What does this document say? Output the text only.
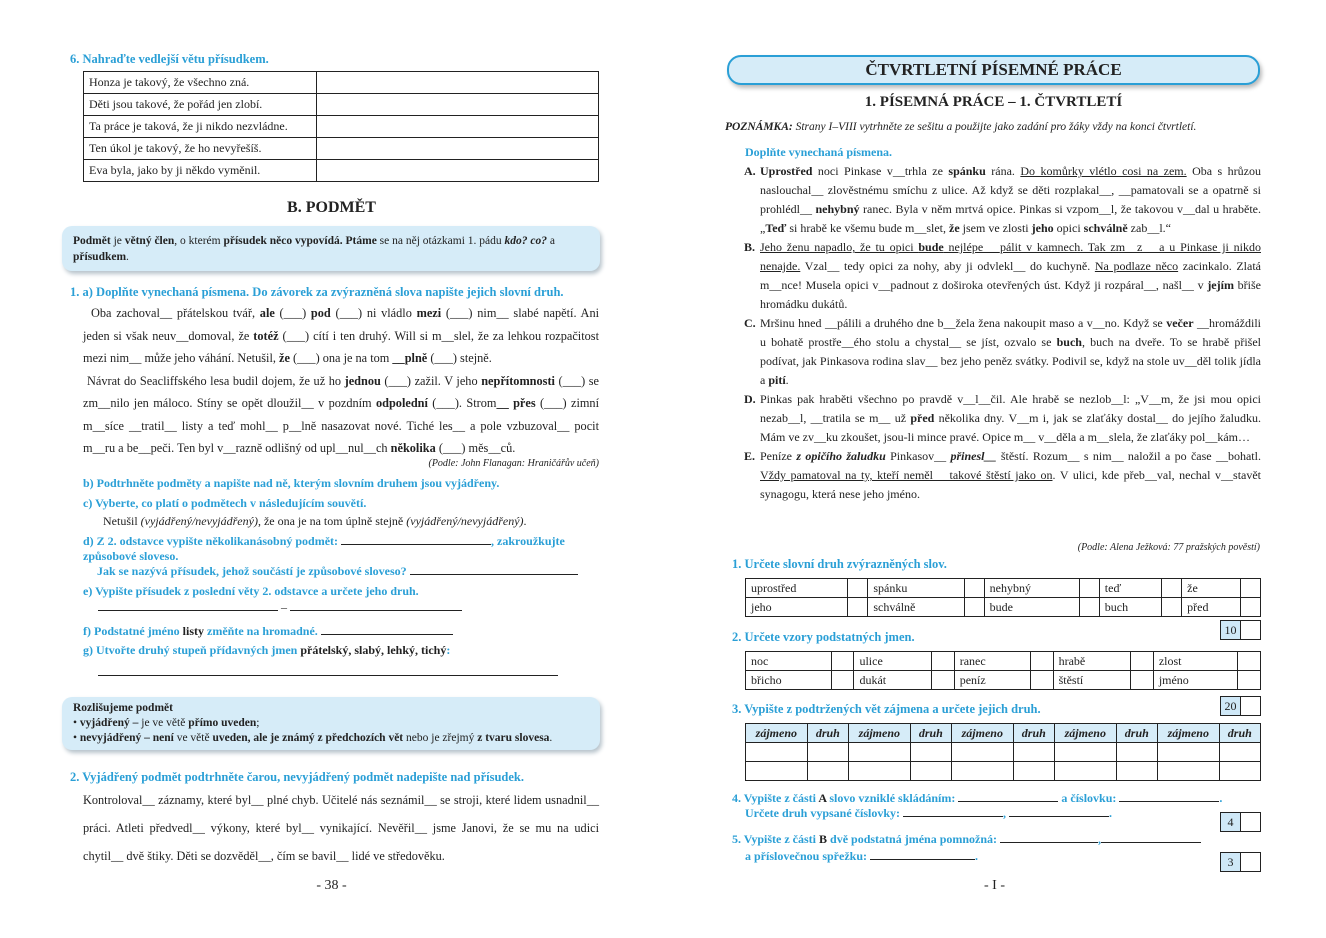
6. Nahraďte vedlejší větu přísudkem.
Honza je takový, že všechno zná.	
Děti jsou takové, že pořád jen zlobí.	
Ta práce je taková, že ji nikdo nezvládne.	
Ten úkol je takový, že ho nevyřešíš.	
Eva byla, jako by ji někdo vyměnil.	
B. PODMĚT
Podmět je větný člen, o kterém přísudek něco vypovídá. Ptáme se na něj otázkami 1. pádu kdo? co? a přísudkem.
1. a) Doplňte vynechaná písmena. Do závorek za zvýrazněná slova napište jejich slovní druh.
Oba zachoval__ přátelskou tvář, ale (___) pod (___) ni vládlo mezi (___) nim__ slabé napětí. Ani jeden si však neuv__domoval, že totéž (___) cítí i ten druhý. Will si m__slel, že za lehkou rozpačitost mezi nim__ může jeho váhání. Netušil, že (___) ona je na tom __plně (___) stejně.
Návrat do Seacliffského lesa budil dojem, že už ho jednou (___) zažil. V jeho nepřítomnosti (___) se zm__nilo jen máloco. Stíny se opět dloužil__ v pozdním odpolední (___). Strom__ přes (___) zimní m__síce __tratil__ listy a teď mohl__ p__lně nasazovat nové. Tiché les__ a pole vzbuzoval__ pocit m__ru a be__peči. Ten byl v__razně odlišný od upl__nul__ch několika (___) měs__ců.
(Podle: John Flanagan: Hraničářův učeň)
b) Podtrhněte podměty a napište nad ně, kterým slovním druhem jsou vyjádřeny.
c) Vyberte, co platí o podmětech v následujícím souvětí.
Netušil (vyjádřený/nevyjádřený), že ona je na tom úplně stejně (vyjádřený/nevyjádřený).
d) Z 2. odstavce vypište několikanásobný podmět:	, zakroužkujte způsobové sloveso.
Jak se nazývá přísudek, jehož součástí je způsobové sloveso?
e) Vypište přísudek z poslední věty 2. odstavce a určete jeho druh.
–
f) Podstatné jméno listy změňte na hromadné.
g) Utvořte druhý stupeň přídavných jmen přátelský, slabý, lehký, tichý:
Rozlišujeme podmět
• vyjádřený – je ve větě přímo uveden;
• nevyjádřený – není ve větě uveden, ale je známý z předchozích vět nebo je zřejmý z tvaru slovesa.
2. Vyjádřený podmět podtrhněte čarou, nevyjádřený podmět nadepište nad přísudek.
Kontroloval__ záznamy, které byl__ plné chyb. Učitelé nás seznámil__ se stroji, které lidem usnadnil__ práci. Atleti předvedl__ výkony, které byl__ vynikající. Nevěřil__ jsme Janovi, že se mu na udici chytil__ dvě štiky. Děti se dozvěděl__, čím se bavil__ lidé ve středověku.
- 38 -
ČTVRTLETNÍ PÍSEMNÉ PRÁCE
1. PÍSEMNÁ PRÁCE – 1. ČTVRTLETÍ
POZNÁMKA: Strany I–VIII vytrhněte ze sešitu a použijte jako zadání pro žáky vždy na konci čtvrtletí.
Doplňte vynechaná písmena.
A. Uprostřed noci Pinkase v__trhla ze spánku rána. Do komůrky vlétlo cosi na zem. Oba s hrůzou naslouchal__ zlověstnému smíchu z ulice. Až když se děti rozplakal__, __pamatovali se a opatrně si prohlédl__ nehybný ranec. Byla v něm mrtvá opice. Pinkas si vzpom__l, že takovou v__dal u hraběte. „Teď si hrabě ke všemu bude m__slet, že jsem ve zlosti jeho opici schválně zab__l.“
B. Jeho ženu napadlo, že tu opici bude nejlépe __pálit v kamnech. Tak zm__z__ a u Pinkase ji nikdo nenajde. Vzal__ tedy opici za nohy, aby ji odvlekl__ do kuchyně. Na podlaze něco zacinkalo. Zlatá m__nce! Musela opici v__padnout z doširoka otevřených úst. Když ji rozpáral__, našl__ v jejím břiše hromádku dukátů.
C. Mršinu hned __pálili a druhého dne b__žela žena nakoupit maso a v__no. Když se večer __hromáždili u bohatě prostře__ého stolu a chystal__ se jíst, ozvalo se buch, buch na dveře. To se hrabě přišel podívat, jak Pinkasova rodina slav__ bez jeho peněz svátky. Podivil se, když na stole uv__děl tolik jídla a pití.
D. Pinkas pak hraběti všechno po pravdě v__l__čil. Ale hrabě se nezlob__l: „V__m, že jsi mou opici nezab__l, __tratila se m__ už před několika dny. V__m i, jak se zlaťáky dostal__ do jejího žaludku. Mám ve zv__ku zkoušet, jsou-li mince pravé. Opice m__ v__děla a m__slela, že zlaťáky pol__kám…
E. Peníze z opičího žaludku Pinkasov__ přinesl__ štěstí. Rozum__ s nim__ naložil a po čase __bohatl. Vždy pamatoval na ty, kteří neměl__ takové štěstí jako on. V ulici, kde přeb__val, nechal v__stavět synagogu, která nese jeho jméno.
(Podle: Alena Ježková: 77 pražských pověstí)
1. Určete slovní druh zvýrazněných slov.
uprostřed		spánku		nehybný		teď		že	
jeho		schválně		bude		buch		před	
10
2. Určete vzory podstatných jmen.
noc		ulice		ranec		hrabě		zlost	
břicho		dukát		peníz		štěstí		jméno	
20
3. Vypište z podtržených vět zájmena a určete jejich druh.
zájmeno	druh	zájmeno	druh	zájmeno	druh	zájmeno	druh	zájmeno	druh

4. Vypište z části A slovo vzniklé skládáním:	a číslovku:	.
Určete druh vypsané číslovky:	,	.
4
5. Vypište z části B dvě podstatná jména pomnožná:	,
a příslovečnou spřežku:	.	3
- I -
